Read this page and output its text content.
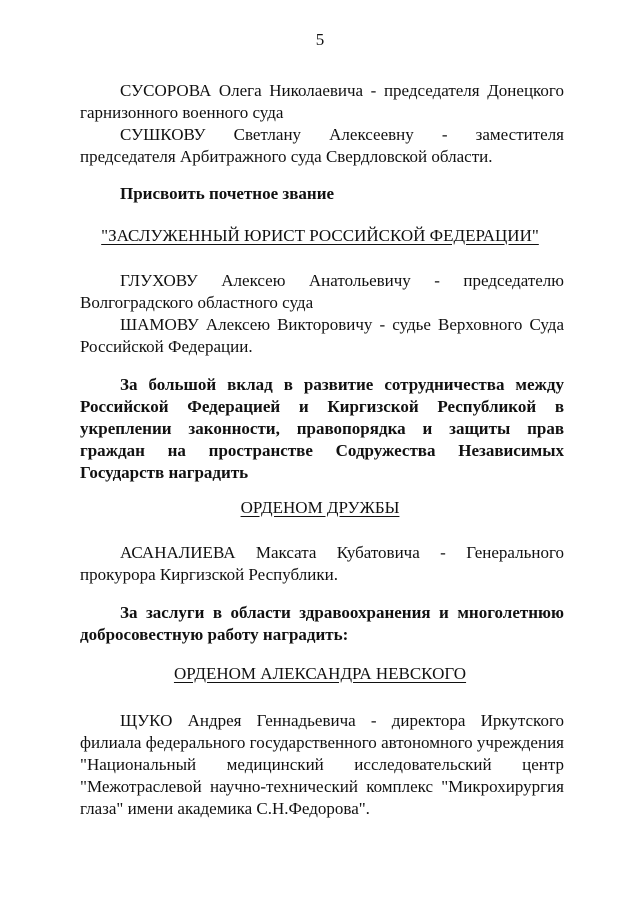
5
СУСОРОВА Олега Николаевича - председателя Донецкого гарнизонного военного суда
СУШКОВУ Светлану Алексеевну - заместителя председателя Арбитражного суда Свердловской области.
Присвоить почетное звание
"ЗАСЛУЖЕННЫЙ ЮРИСТ РОССИЙСКОЙ ФЕДЕРАЦИИ"
ГЛУХОВУ Алексею Анатольевичу - председателю
Волгоградского областного суда
ШАМОВУ Алексею Викторовичу - судье Верховного Суда Российской Федерации.
За большой вклад в развитие сотрудничества между Российской Федерацией и Киргизской Республикой в укреплении законности, правопорядка и защиты прав граждан на пространстве Содружества Независимых Государств наградить
ОРДЕНОМ ДРУЖБЫ
АСАНАЛИЕВА Максата Кубатовича - Генерального прокурора Киргизской Республики.
За заслуги в области здравоохранения и многолетнюю добросовестную работу наградить:
ОРДЕНОМ АЛЕКСАНДРА НЕВСКОГО
ЩУКО Андрея Геннадьевича - директора Иркутского филиала федерального государственного автономного учреждения "Национальный медицинский исследовательский центр "Межотраслевой научно-технический комплекс "Микрохирургия глаза" имени академика С.Н.Федорова".
